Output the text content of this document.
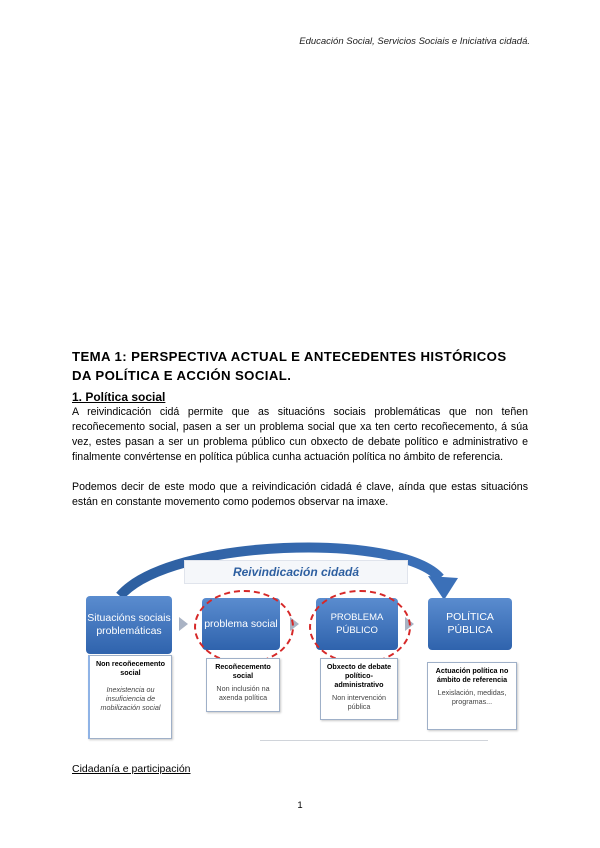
Educación Social, Servicios Sociais e Iniciativa cidadá.
TEMA 1: PERSPECTIVA ACTUAL E ANTECEDENTES HISTÓRICOS DA POLÍTICA E ACCIÓN SOCIAL.
1. Política social
A reivindicación cidá permite que as situacións sociais problemáticas que non teñen recoñecemento social, pasen a ser un problema social que xa ten certo recoñecemento, á súa vez, estes pasan a ser un problema público cun obxecto de debate político e administrativo e finalmente convértense en política pública cunha actuación política no ámbito de referencia.
Podemos decir de este modo que a reivindicación cidadá é clave, aínda que estas situacións están en constante movemento como podemos observar na imaxe.
Reivindicación cidadá
Situacións sociais problemáticas
problema social	PROBLEMA PÚBLICO
POLÍTICA PÚBLICA
Non recoñecemento social
Inexistencia ou insuficiencia de mobilización social
Recoñecemento social
Non inclusión na axenda política
Obxecto de debate político-administrativo
Non intervención pública
Actuación política no ámbito de referencia
Lexislación, medidas, programas...
Cidadanía e participación
1
